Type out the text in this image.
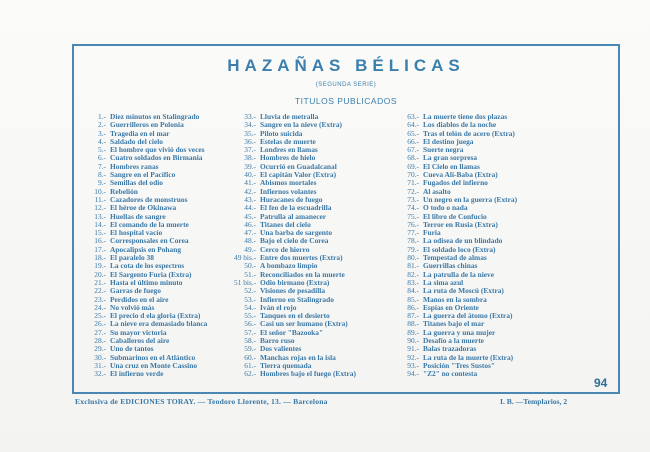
HAZAÑAS BÉLICAS
(SEGUNDA SERIE)
TITULOS PUBLICADOS
1.- Diez minutos en Stalingrado
2.- Guerrilleros en Polonia
3.- Tragedia en el mar
4.- Saldado del cielo
5.- El hombre que vivió dos veces
6.- Cuatro soldados en Birmania
7.- Hombres ranas
8.- Sangre en el Pacífico
9.- Semillas del odio
10.- Rebelión
11.- Cazadores de monstruos
12.- El héroe de Okinawa
13.- Huellas de sangre
14.- El comando de la muerte
15.- El hospital vacío
16.- Corresponsales en Corea
17.- Apocalipsis en Pohang
18.- El paralelo 38
19.- La cota de los espectros
20.- El Sargento Furia (Extra)
21.- Hasta el último minuto
22.- Garras de fuego
23.- Perdidos en el aire
24.- No volvió más
25.- El precio d ela gloria (Extra)
26.- La nieve era demasiado blanca
27.- Su mayor victoria
28.- Caballeros del aire
29.- Uno de tantos
30.- Submarinos en el Atlántico
31.- Una cruz en Monte Cassino
32.- El infierno verde
33.- Lluvia de metralla
34.- Sangre en la nieve (Extra)
35.- Piloto suicida
36.- Estelas de muerte
37.- Londres en llamas
38.- Hombres de hielo
39.- Ocurrió en Guadalcanal
40.- El capitán Valor (Extra)
41.- Abismos mortales
42.- Infiernos volantes
43.- Huracanes de fuego
44.- El feo de la escuadrilla
45.- Patrulla al amanecer
46.- Titanes del cielo
47.- Una barba de sargento
48.- Bajo el cielo de Corea
49.- Cerco de hierro
49 bis.- Entre dos muertes (Extra)
50.- A bombazo limpio
51.- Reconciliados en la muerte
51 bis.- Odio birmano (Extra)
52.- Visiones de pesadilla
53.- Infierno en Stalingrado
54.- Iván el rojo
55.- Tanques en el desierto
56.- Casi un ser humano (Extra)
57.- El señor "Bazooka"
58.- Barro ruso
59.- Dos valientes
60.- Manchas rojas en la isla
61.- Tierra quemada
62.- Hombres bajo el fuego (Extra)
63.- La muerte tiene dos plazas
64.- Los diablos de la noche
65.- Tras el telón de acero (Extra)
66.- El destino juega
67.- Suerte negra
68.- La gran sorpresa
69.- El Cielo en llamas
70.- Cueva Alí-Baba (Extra)
71.- Fugados del infierno
72.- Al asalto
73.- Un negro en la guerra (Extra)
74.- O todo o nada
75.- El libro de Confucio
76.- Terror en Rusia (Extra)
77.- Furia
78.- La odisea de un blindado
79.- El soldado loco (Extra)
80.- Tempestad de almas
81.- Guerrillas chinas
82.- La patrulla de la nieve
83.- La sima azul
84.- La ruta de Moscú (Extra)
85.- Manos en la sombra
86.- Espías en Oriente
87.- La guerra del átomo (Extra)
88.- Titanes bajo el mar
89.- La guerra y una mujer
90.- Desafío a la muerte
91.- Balas trazadoras
92.- La ruta de la muerte (Extra)
93.- Posición "Tres Sustos"
94.- "Z2" no contesta
94
Exclusiva de EDICIONES TORAY. — Teodoro Llorente, 13. — Barcelona	I. B. —Templarios, 2
